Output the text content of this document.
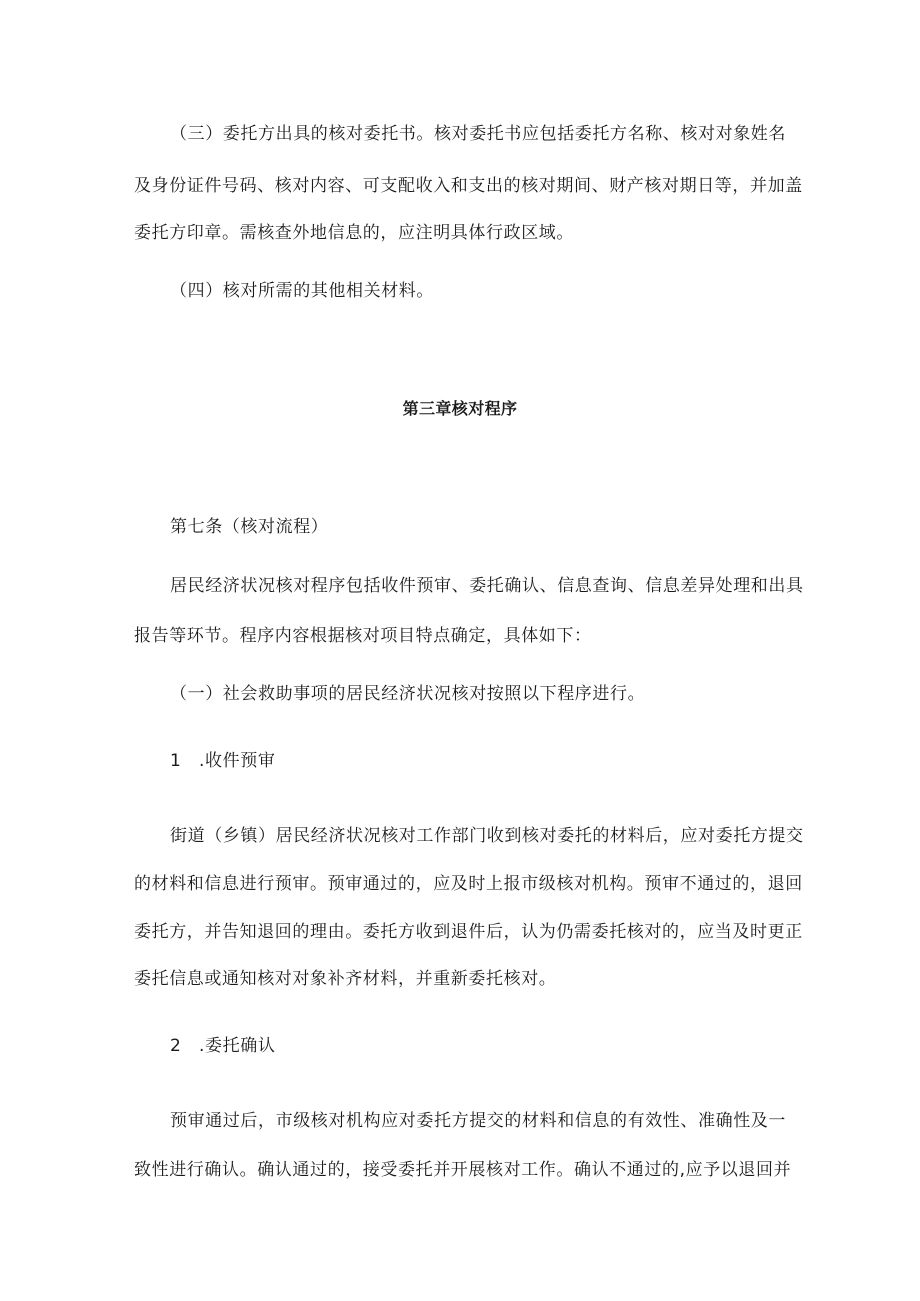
（三）委托方出具的核对委托书。核对委托书应包括委托方名称、核对对象姓名
及身份证件号码、核对内容、可支配收入和支出的核对期间、财产核对期日等，并加盖
委托方印章。需核查外地信息的，应注明具体行政区域。
（四）核对所需的其他相关材料。
第三章核对程序
第七条（核对流程）
居民经济状况核对程序包括收件预审、委托确认、信息查询、信息差异处理和出具
报告等环节。程序内容根据核对项目特点确定，具体如下：
（一）社会救助事项的居民经济状况核对按照以下程序进行。
1　.收件预审
街道（乡镇）居民经济状况核对工作部门收到核对委托的材料后，应对委托方提交
的材料和信息进行预审。预审通过的，应及时上报市级核对机构。预审不通过的，退回
委托方，并告知退回的理由。委托方收到退件后，认为仍需委托核对的，应当及时更正
委托信息或通知核对对象补齐材料，并重新委托核对。
2　.委托确认
预审通过后，市级核对机构应对委托方提交的材料和信息的有效性、准确性及一
致性进行确认。确认通过的，接受委托并开展核对工作。确认不通过的,应予以退回并
